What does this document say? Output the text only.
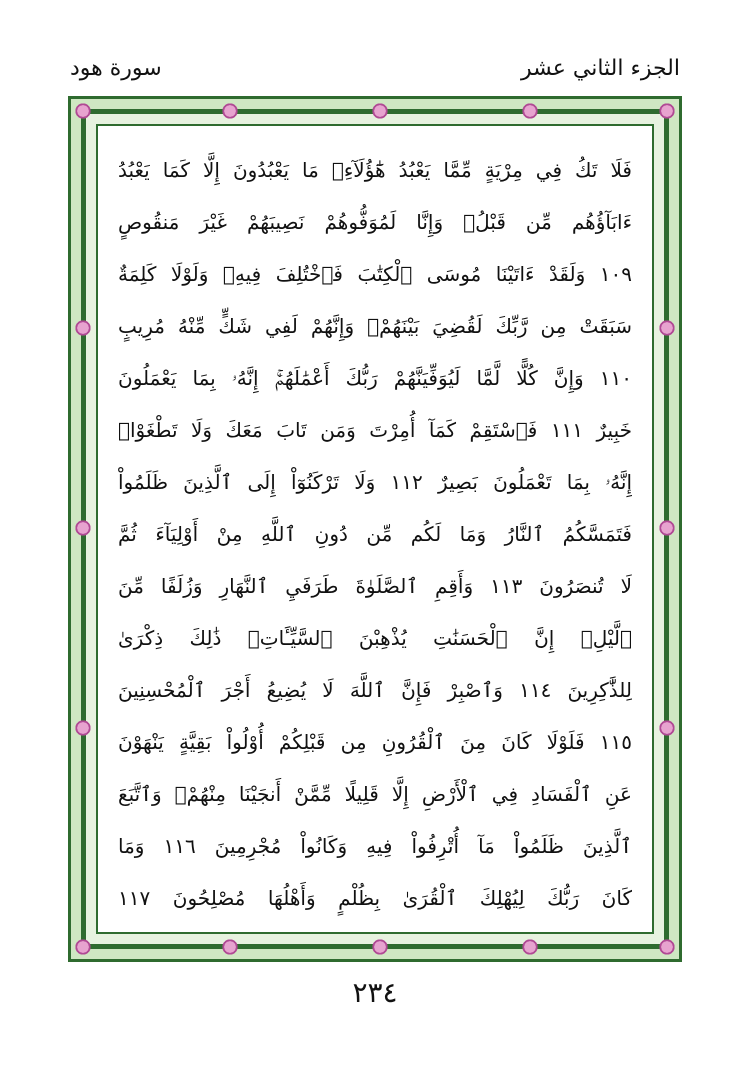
الجزء الثاني عشر
سورة هود
فَلَا تَكُ فِي مِرْيَةٍ مِّمَّا يَعْبُدُ هَٰٓؤُلَآءِۚ مَا يَعْبُدُونَ إِلَّا كَمَا يَعْبُدُ
ءَابَآؤُهُم مِّن قَبْلُۚ وَإِنَّا لَمُوَفُّوهُمْ نَصِيبَهُمْ غَيْرَ مَنقُوصٍ
١٠٩ وَلَقَدْ ءَاتَيْنَا مُوسَى ٱلْكِتَٰبَ فَٱخْتُلِفَ فِيهِۚ وَلَوْلَا كَلِمَةٌ
سَبَقَتْ مِن رَّبِّكَ لَقُضِيَ بَيْنَهُمْۚ وَإِنَّهُمْ لَفِي شَكٍّ مِّنْهُ مُرِيبٍ
١١٠ وَإِنَّ كُلًّا لَّمَّا لَيُوَفِّيَنَّهُمْ رَبُّكَ أَعْمَٰلَهُمْۚ إِنَّهُۥ بِمَا يَعْمَلُونَ
خَبِيرٌ ١١١ فَٱسْتَقِمْ كَمَآ أُمِرْتَ وَمَن تَابَ مَعَكَ وَلَا تَطْغَوْاۚ
إِنَّهُۥ بِمَا تَعْمَلُونَ بَصِيرٌ ١١٢ وَلَا تَرْكَنُوٓاْ إِلَى ٱلَّذِينَ ظَلَمُواْ
فَتَمَسَّكُمُ ٱلنَّارُ وَمَا لَكُم مِّن دُونِ ٱللَّهِ مِنْ أَوْلِيَآءَ ثُمَّ
لَا تُنصَرُونَ ١١٣ وَأَقِمِ ٱلصَّلَوٰةَ طَرَفَيِ ٱلنَّهَارِ وَزُلَفًا مِّنَ
ٱلَّيْلِۚ إِنَّ ٱلْحَسَنَٰتِ يُذْهِبْنَ ٱلسَّيِّـَٔاتِۚ ذَٰلِكَ ذِكْرَىٰ
لِلذَّٰكِرِينَ ١١٤ وَٱصْبِرْ فَإِنَّ ٱللَّهَ لَا يُضِيعُ أَجْرَ ٱلْمُحْسِنِينَ
١١٥ فَلَوْلَا كَانَ مِنَ ٱلْقُرُونِ مِن قَبْلِكُمْ أُوْلُواْ بَقِيَّةٍ يَنْهَوْنَ
عَنِ ٱلْفَسَادِ فِي ٱلْأَرْضِ إِلَّا قَلِيلًا مِّمَّنْ أَنجَيْنَا مِنْهُمْۗ وَٱتَّبَعَ
ٱلَّذِينَ ظَلَمُواْ مَآ أُتْرِفُواْ فِيهِ وَكَانُواْ مُجْرِمِينَ ١١٦ وَمَا
كَانَ رَبُّكَ لِيُهْلِكَ ٱلْقُرَىٰ بِظُلْمٍ وَأَهْلُهَا مُصْلِحُونَ ١١٧
٢٣٤
